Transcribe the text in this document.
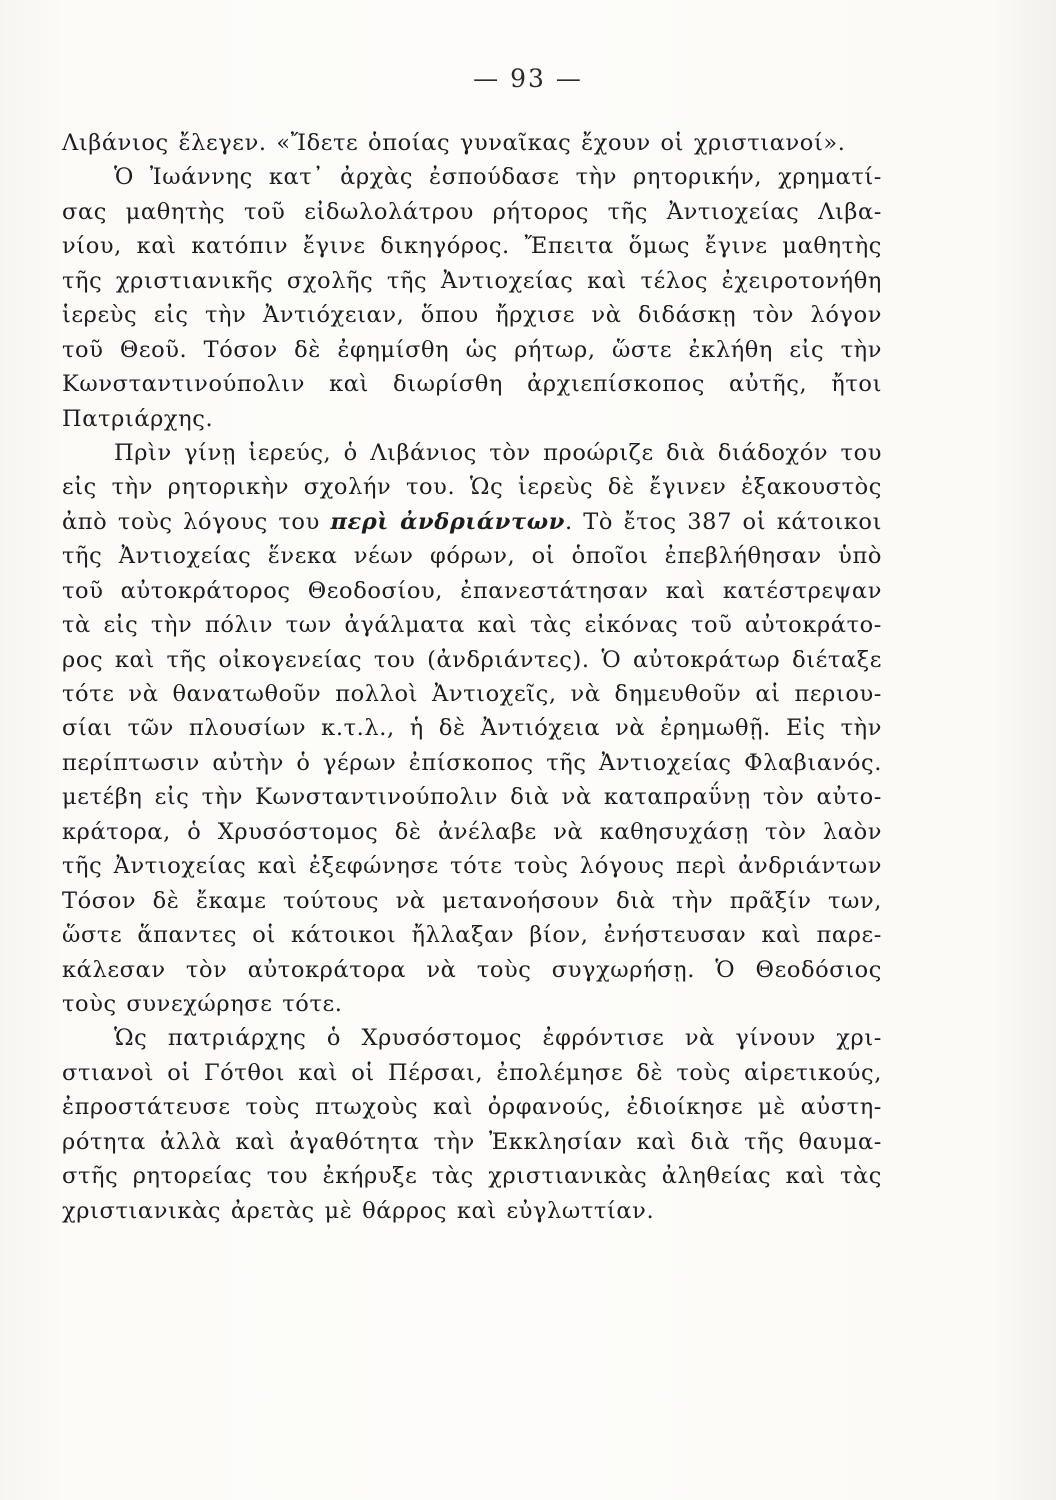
— 93 —
Λιβάνιος ἔλεγεν. «Ἴδετε ὁποίας γυναῖκας ἔχουν οἱ χριστιανοί».
Ὁ Ἰωάννης κατ᾽ ἀρχὰς ἐσπούδασε τὴν ρητορικήν, χρηματί-
σας μαθητὴς τοῦ εἰδωλολάτρου ρήτορος τῆς Ἀντιοχείας Λιβα-
νίου, καὶ κατόπιν ἔγινε δικηγόρος. Ἔπειτα ὅμως ἔγινε μαθητὴς
τῆς χριστιανικῆς σχολῆς τῆς Ἀντιοχείας καὶ τέλος ἐχειροτονήθη
ἱερεὺς εἰς τὴν Ἀντιόχειαν, ὅπου ἤρχισε νὰ διδάσκῃ τὸν λόγον
τοῦ Θεοῦ. Τόσον δὲ ἐφημίσθη ὡς ρήτωρ, ὥστε ἐκλήθη εἰς τὴν
Κωνσταντινούπολιν καὶ διωρίσθη ἀρχιεπίσκοπος αὐτῆς, ἤτοι
Πατριάρχης.
Πρὶν γίνῃ ἱερεύς, ὁ Λιβάνιος τὸν προώριζε διὰ διάδοχόν του
εἰς τὴν ρητορικὴν σχολήν του. Ὡς ἱερεὺς δὲ ἔγινεν ἐξακουστὸς
ἀπὸ τοὺς λόγους του περὶ ἀνδριάντων. Τὸ ἔτος 387 οἱ κάτοικοι
τῆς Ἀντιοχείας ἕνεκα νέων φόρων, οἱ ὁποῖοι ἐπεβλήθησαν ὑπὸ
τοῦ αὐτοκράτορος Θεοδοσίου, ἐπανεστάτησαν καὶ κατέστρεψαν
τὰ εἰς τὴν πόλιν των ἀγάλματα καὶ τὰς εἰκόνας τοῦ αὐτοκράτο-
ρος καὶ τῆς οἰκογενείας του (ἀνδριάντες). Ὁ αὐτοκράτωρ διέταξε
τότε νὰ θανατωθοῦν πολλοὶ Ἀντιοχεῖς, νὰ δημευθοῦν αἱ περιου-
σίαι τῶν πλουσίων κ.τ.λ., ἡ δὲ Ἀντιόχεια νὰ ἐρημωθῇ. Εἰς τὴν
περίπτωσιν αὐτὴν ὁ γέρων ἐπίσκοπος τῆς Ἀντιοχείας Φλαβιανός.
μετέβη εἰς τὴν Κωνσταντινούπολιν διὰ νὰ καταπραΰνῃ τὸν αὐτο-
κράτορα, ὁ Χρυσόστομος δὲ ἀνέλαβε νὰ καθησυχάσῃ τὸν λαὸν
τῆς Ἀντιοχείας καὶ ἐξεφώνησε τότε τοὺς λόγους περὶ ἀνδριάντων
Τόσον δὲ ἔκαμε τούτους νὰ μετανοήσουν διὰ τὴν πρᾶξίν των,
ὥστε ἅπαντες οἱ κάτοικοι ἤλλαξαν βίον, ἐνήστευσαν καὶ παρε-
κάλεσαν τὸν αὐτοκράτορα νὰ τοὺς συγχωρήσῃ. Ὁ Θεοδόσιος
τοὺς συνεχώρησε τότε.
Ὡς πατριάρχης ὁ Χρυσόστομος ἐφρόντισε νὰ γίνουν χρι-
στιανοὶ οἱ Γότθοι καὶ οἱ Πέρσαι, ἐπολέμησε δὲ τοὺς αἱρετικούς,
ἐπροστάτευσε τοὺς πτωχοὺς καὶ ὀρφανούς, ἐδιοίκησε μὲ αὐστη-
ρότητα ἀλλὰ καὶ ἀγαθότητα τὴν Ἐκκλησίαν καὶ διὰ τῆς θαυμα-
στῆς ρητορείας του ἐκήρυξε τὰς χριστιανικὰς ἀληθείας καὶ τὰς
χριστιανικὰς ἀρετὰς μὲ θάρρος καὶ εὐγλωττίαν.
